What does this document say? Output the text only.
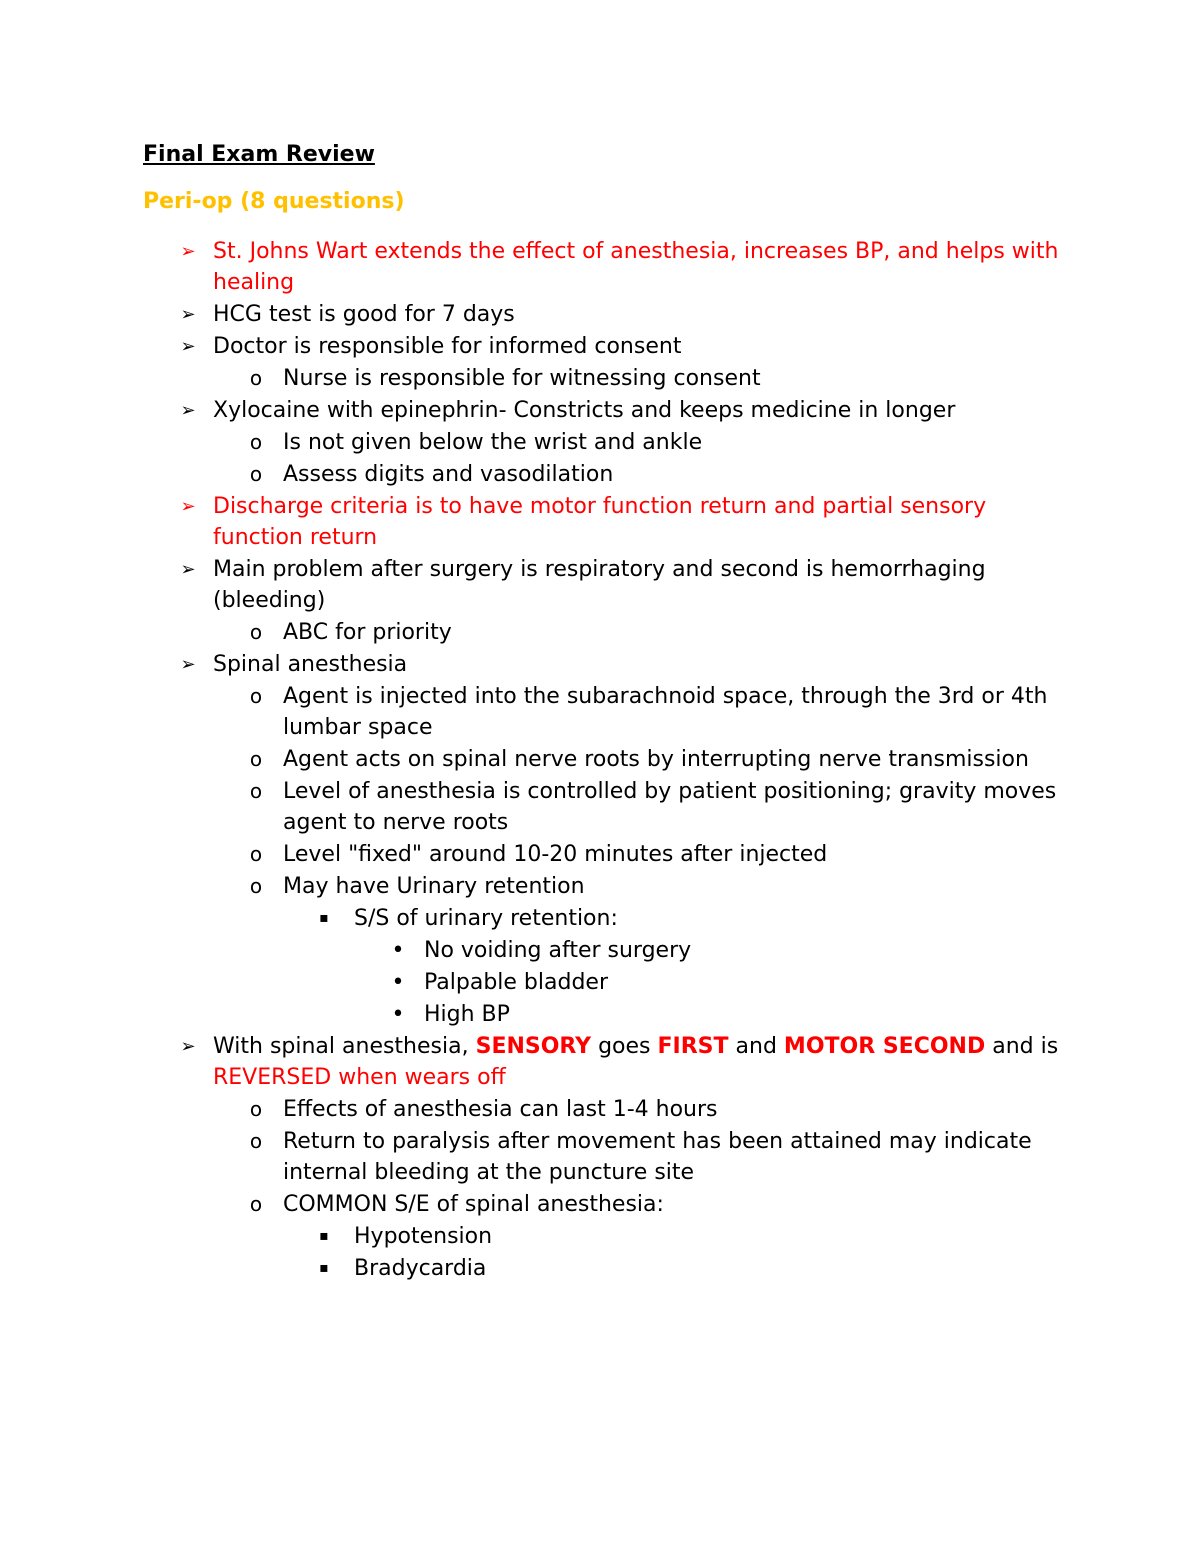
Final Exam Review
Peri-op (8 questions)
➢ St. Johns Wart extends the effect of anesthesia, increases BP, and helps with healing
➢ HCG test is good for 7 days
➢ Doctor is responsible for informed consent
o Nurse is responsible for witnessing consent
➢ Xylocaine with epinephrin- Constricts and keeps medicine in longer
o Is not given below the wrist and ankle
o Assess digits and vasodilation
➢ Discharge criteria is to have motor function return and partial sensory function return
➢ Main problem after surgery is respiratory and second is hemorrhaging (bleeding)
o ABC for priority
➢ Spinal anesthesia
o Agent is injected into the subarachnoid space, through the 3rd or 4th lumbar space
o Agent acts on spinal nerve roots by interrupting nerve transmission
o Level of anesthesia is controlled by patient positioning; gravity moves agent to nerve roots
o Level "fixed" around 10-20 minutes after injected
o May have Urinary retention
▪	S/S of urinary retention:
• No voiding after surgery
• Palpable bladder
• High BP
➢ With spinal anesthesia, SENSORY goes FIRST and MOTOR SECOND and is REVERSED when wears off
o Effects of anesthesia can last 1-4 hours
o Return to paralysis after movement has been attained may indicate internal bleeding at the puncture site
o COMMON S/E of spinal anesthesia:
▪	Hypotension
▪	Bradycardia
